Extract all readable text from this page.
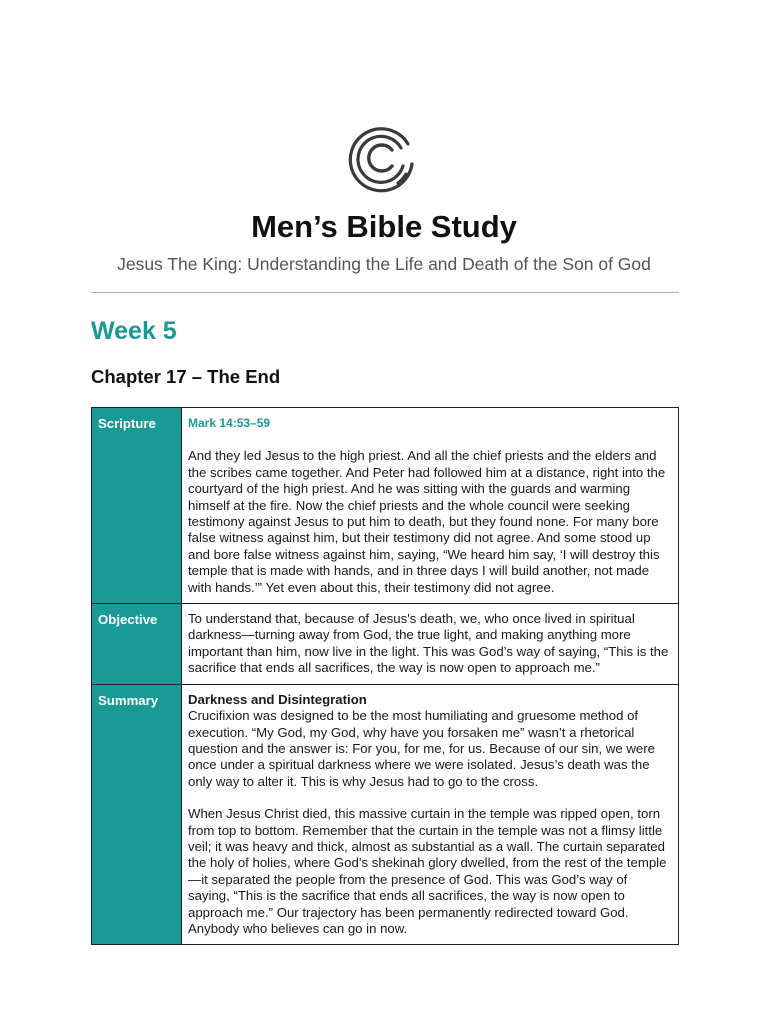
Men’s Bible Study

Jesus The King: Understanding the Life and Death of the Son of God

Week 5
Chapter 17 – The End
Scripture	Mark 14:53–59

And they led Jesus to the high priest. And all the chief priests and the elders and the scribes came together. And Peter had followed him at a distance, right into the courtyard of the high priest. And he was sitting with the guards and warming himself at the fire. Now the chief priests and the whole council were seeking testimony against Jesus to put him to death, but they found none. For many bore false witness against him, but their testimony did not agree. And some stood up and bore false witness against him, saying, “We heard him say, ‘I will destroy this temple that is made with hands, and in three days I will build another, not made with hands.’” Yet even about this, their testimony did not agree.

Objective	To understand that, because of Jesus's death, we, who once lived in spiritual darkness—turning away from God, the true light, and making anything more important than him, now live in the light. This was God’s way of saying, “This is the sacrifice that ends all sacrifices, the way is now open to approach me.”

Summary	Darkness and Disintegration

Crucifixion was designed to be the most humiliating and gruesome method of execution. “My God, my God, why have you forsaken me” wasn’t a rhetorical question and the answer is: For you, for me, for us. Because of our sin, we were once under a spiritual darkness where we were isolated. Jesus’s death was the only way to alter it. This is why Jesus had to go to the cross.

When Jesus Christ died, this massive curtain in the temple was ripped open, torn from top to bottom. Remember that the curtain in the temple was not a flimsy little veil; it was heavy and thick, almost as substantial as a wall. The curtain separated the holy of holies, where God’s shekinah glory dwelled, from the rest of the temple—it separated the people from the presence of God. This was God’s way of saying, “This is the sacrifice that ends all sacrifices, the way is now open to approach me.” Our trajectory has been permanently redirected toward God. Anybody who believes can go in now.
